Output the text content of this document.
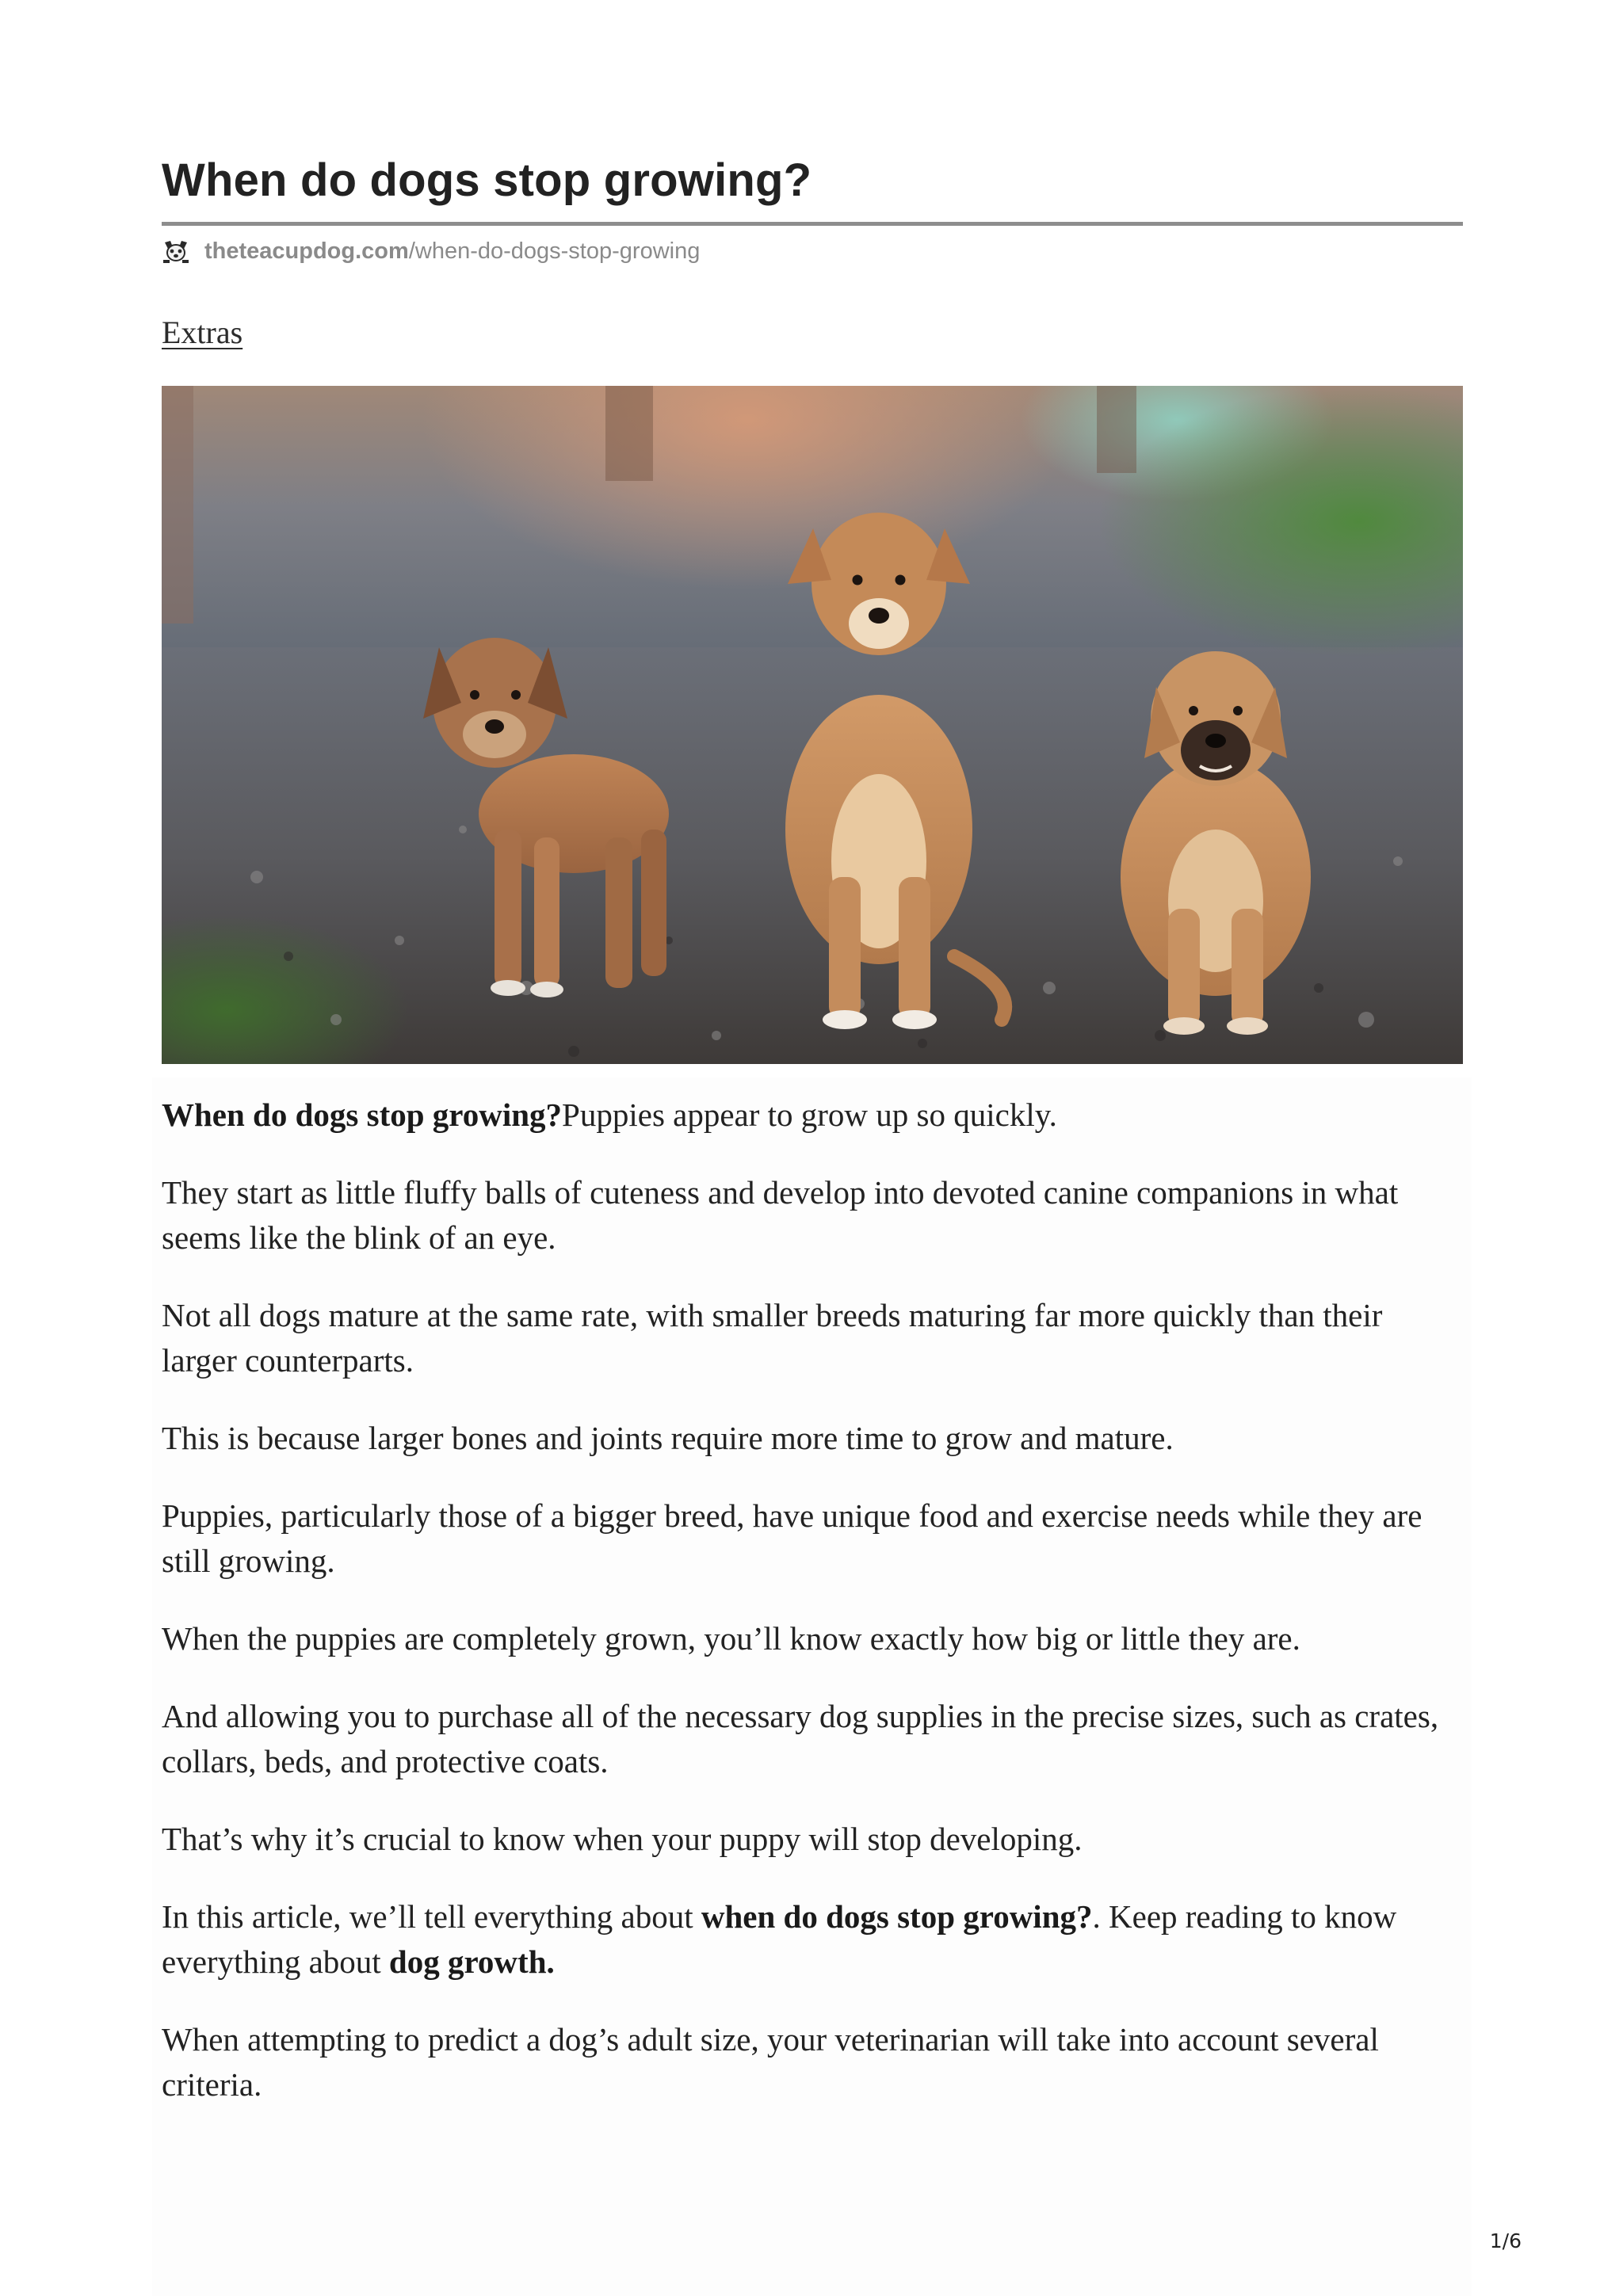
When do dogs stop growing?
theteacupdog.com /when-do-dogs-stop-growing
Extras

When do dogs stop growing?Puppies appear to grow up so quickly.

They start as little fluffy balls of cuteness and develop into devoted canine companions in what seems like the blink of an eye.

Not all dogs mature at the same rate, with smaller breeds maturing far more quickly than their larger counterparts.

This is because larger bones and joints require more time to grow and mature.

Puppies, particularly those of a bigger breed, have unique food and exercise needs while they are still growing.

When the puppies are completely grown, you’ll know exactly how big or little they are.

And allowing you to purchase all of the necessary dog supplies in the precise sizes, such as crates, collars, beds, and protective coats.

That’s why it’s crucial to know when your puppy will stop developing.

In this article, we’ll tell everything about when do dogs stop growing?. Keep reading to know everything about dog growth.

When attempting to predict a dog’s adult size, your veterinarian will take into account several criteria.

1/6
